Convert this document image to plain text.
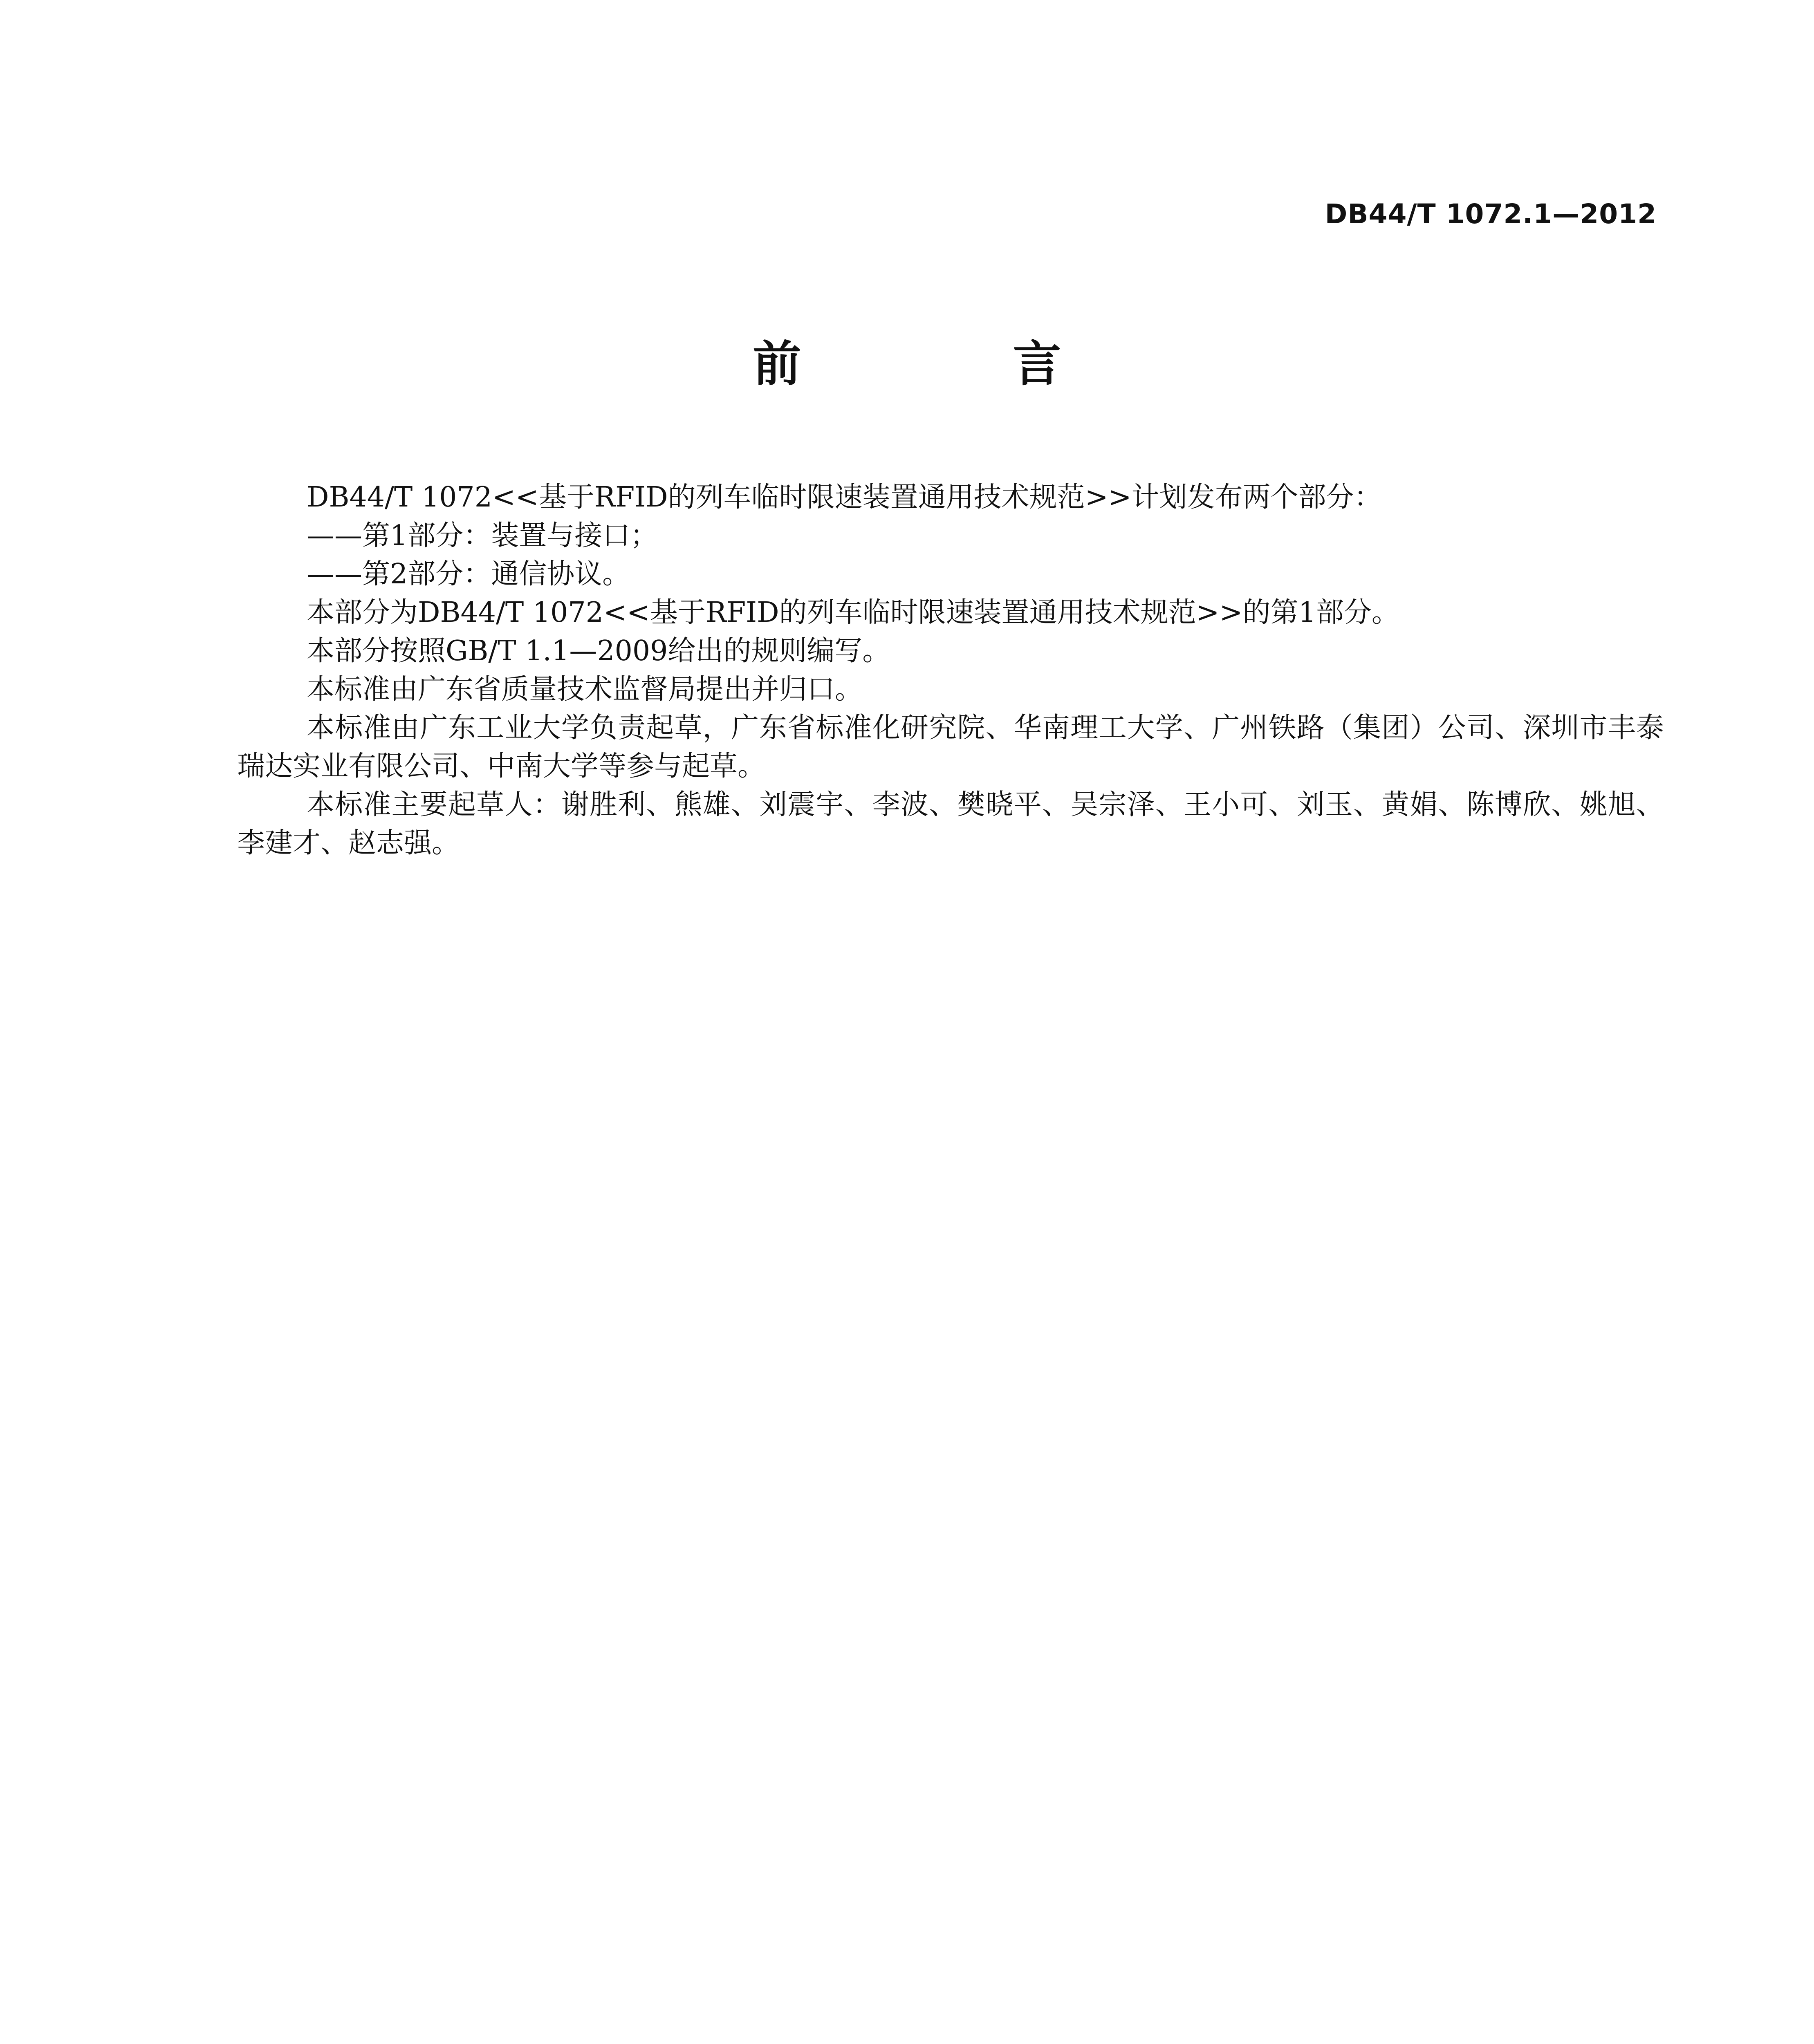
DB44/T 1072.1—2012
前　言

DB44/T 1072<<基于RFID的列车临时限速装置通用技术规范>>计划发布两个部分：

——第1部分：装置与接口；

——第2部分：通信协议。

本部分为DB44/T 1072<<基于RFID的列车临时限速装置通用技术规范>>的第1部分。

本部分按照GB/T 1.1—2009给出的规则编写。

本标准由广东省质量技术监督局提出并归口。

本标准由广东工业大学负责起草，广东省标准化研究院、华南理工大学、广州铁路（集团）公司、深圳市丰泰瑞达实业有限公司、中南大学等参与起草。

本标准主要起草人：谢胜利、熊雄、刘震宇、李波、樊晓平、吴宗泽、王小可、刘玉、黄娟、陈博欣、姚旭、李建才、赵志强。
